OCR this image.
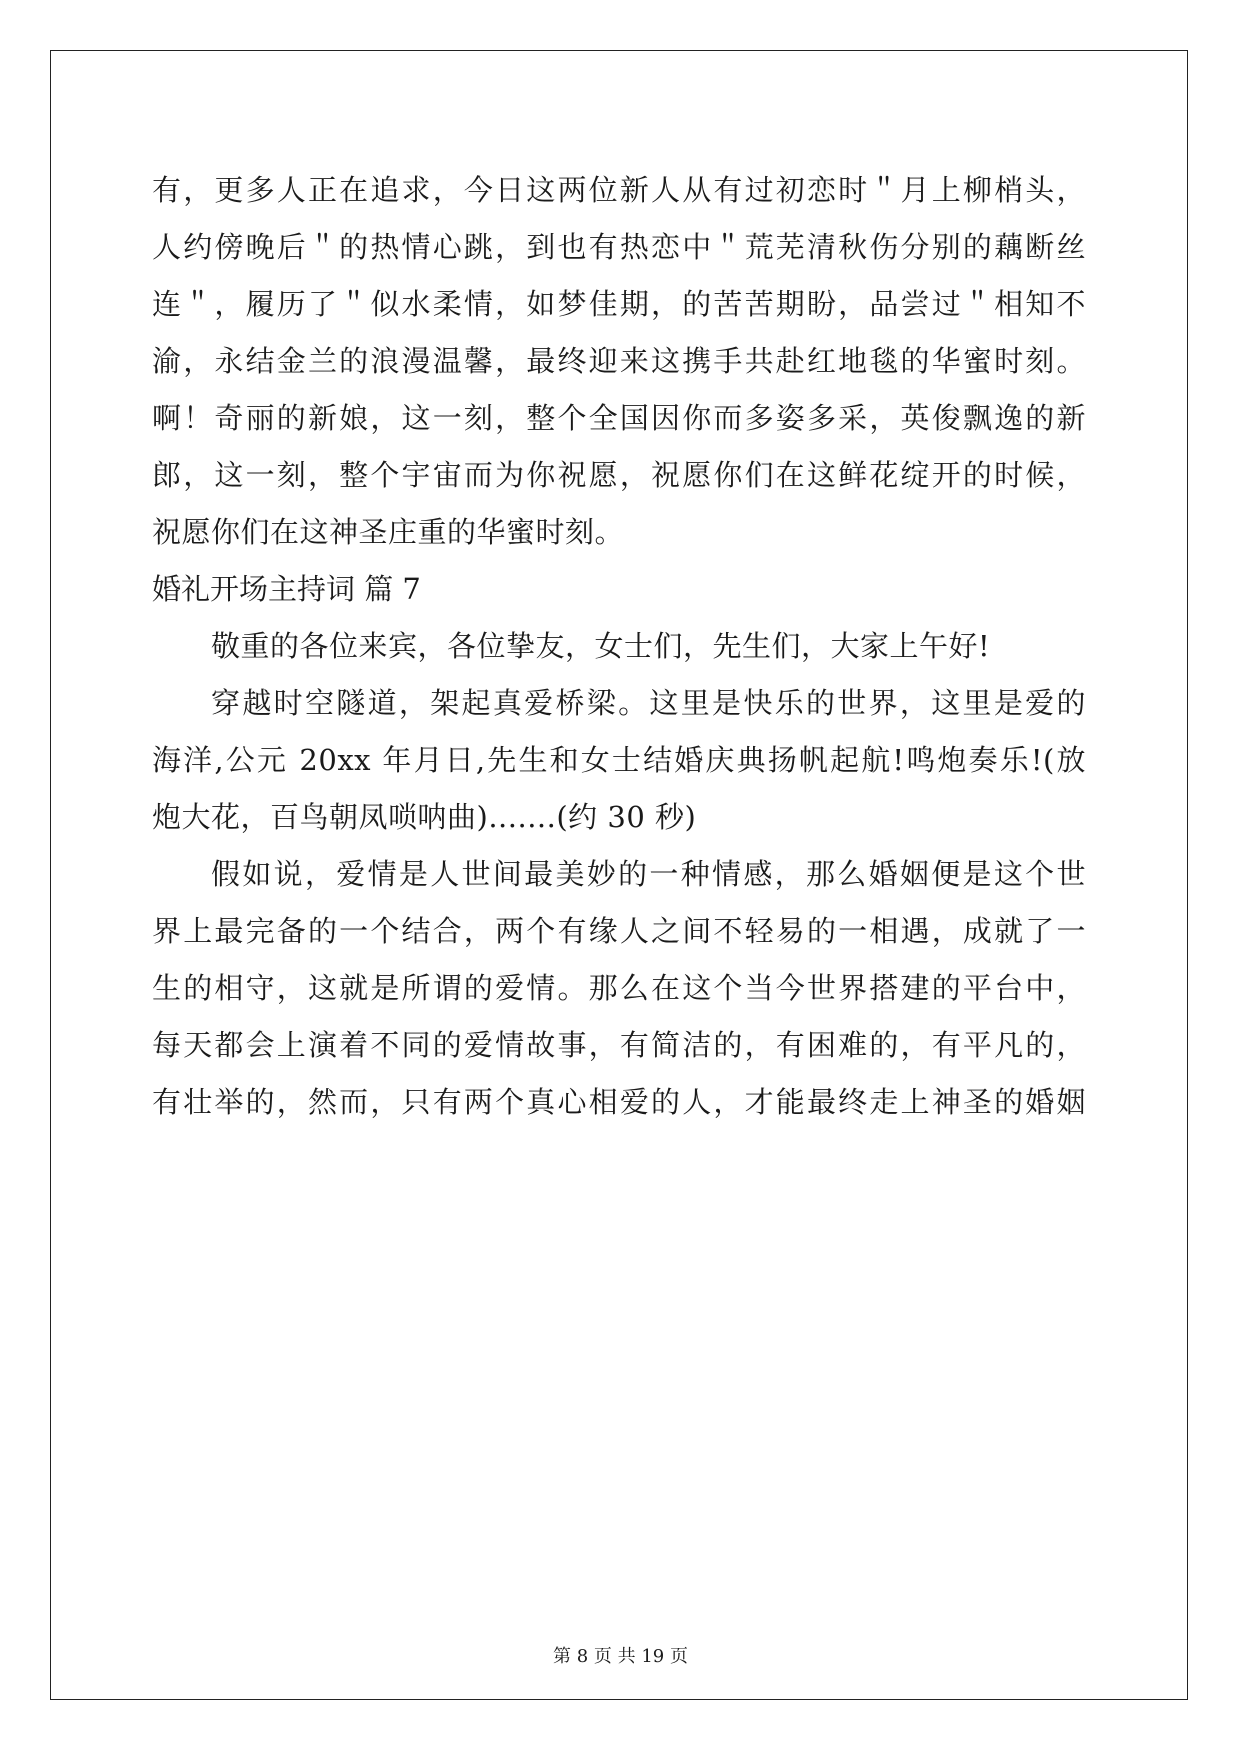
有，更多人正在追求，今日这两位新人从有过初恋时＂月上柳梢头，
人约傍晚后＂的热情心跳，到也有热恋中＂荒芜清秋伤分别的藕断丝
连＂，履历了＂似水柔情，如梦佳期，的苦苦期盼，品尝过＂相知不
渝，永结金兰的浪漫温馨，最终迎来这携手共赴红地毯的华蜜时刻。
啊！奇丽的新娘，这一刻，整个全国因你而多姿多采，英俊飘逸的新
郎，这一刻，整个宇宙而为你祝愿，祝愿你们在这鲜花绽开的时候，
祝愿你们在这神圣庄重的华蜜时刻。
婚礼开场主持词 篇 7
敬重的各位来宾，各位挚友，女士们，先生们，大家上午好!
穿越时空隧道，架起真爱桥梁。这里是快乐的世界，这里是爱的
海洋,公元 20xx 年月日,先生和女士结婚庆典扬帆起航!鸣炮奏乐!(放
炮大花，百鸟朝凤唢呐曲).......(约 30 秒)
假如说，爱情是人世间最美妙的一种情感，那么婚姻便是这个世
界上最完备的一个结合，两个有缘人之间不轻易的一相遇，成就了一
生的相守，这就是所谓的爱情。那么在这个当今世界搭建的平台中，
每天都会上演着不同的爱情故事，有简洁的，有困难的，有平凡的，
有壮举的，然而，只有两个真心相爱的人，才能最终走上神圣的婚姻
第 8 页 共 19 页
